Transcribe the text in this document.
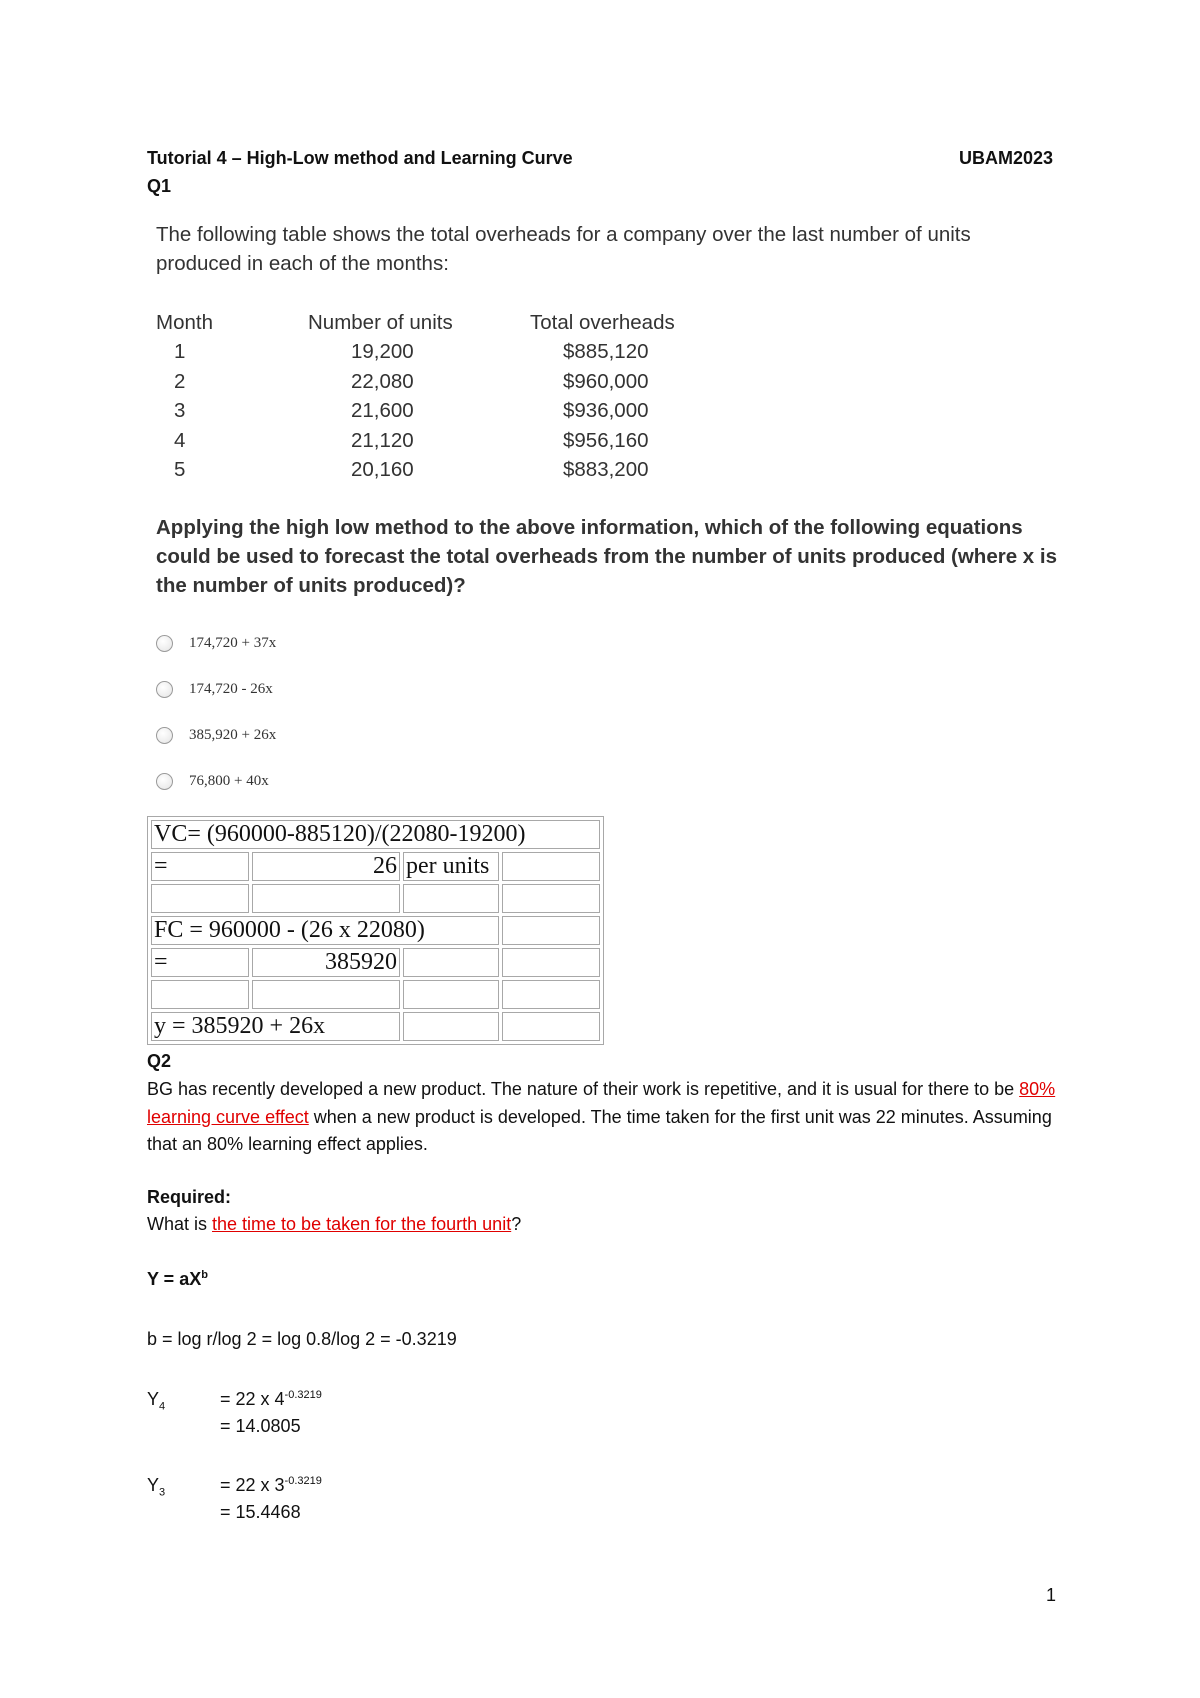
Tutorial 4 – High-Low method and Learning Curve	UBAM2023
Q1
The following table shows the total overheads for a company over the last number of units produced in each of the months:
Month	Number of units	Total overheads
1	19,200	$885,120
2	22,080	$960,000
3	21,600	$936,000
4	21,120	$956,160
5	20,160	$883,200
Applying the high low method to the above information, which of the following equations could be used to forecast the total overheads from the number of units produced (where x is the number of units produced)?
174,720 + 37x
174,720 - 26x
385,920 + 26x
76,800 + 40x
VC= (960000-885120)/(22080-19200)			
=	26	per units	

FC = 960000 - (26 x 22080)			
=	385920		

y = 385920 + 26x			
Q2
BG has recently developed a new product. The nature of their work is repetitive, and it is usual for there to be 80% learning curve effect when a new product is developed. The time taken for the first unit was 22 minutes. Assuming that an 80% learning effect applies.
Required:
What is the time to be taken for the fourth unit?
$Y = aX^b$
b = log r/log 2 = log 0.8/log 2 = -0.3219
$Y_4$	= 22 x $4^{-0.3219}$
= 14.0805
$Y_3$	= 22 x $3^{-0.3219}$
= 15.4468
1
